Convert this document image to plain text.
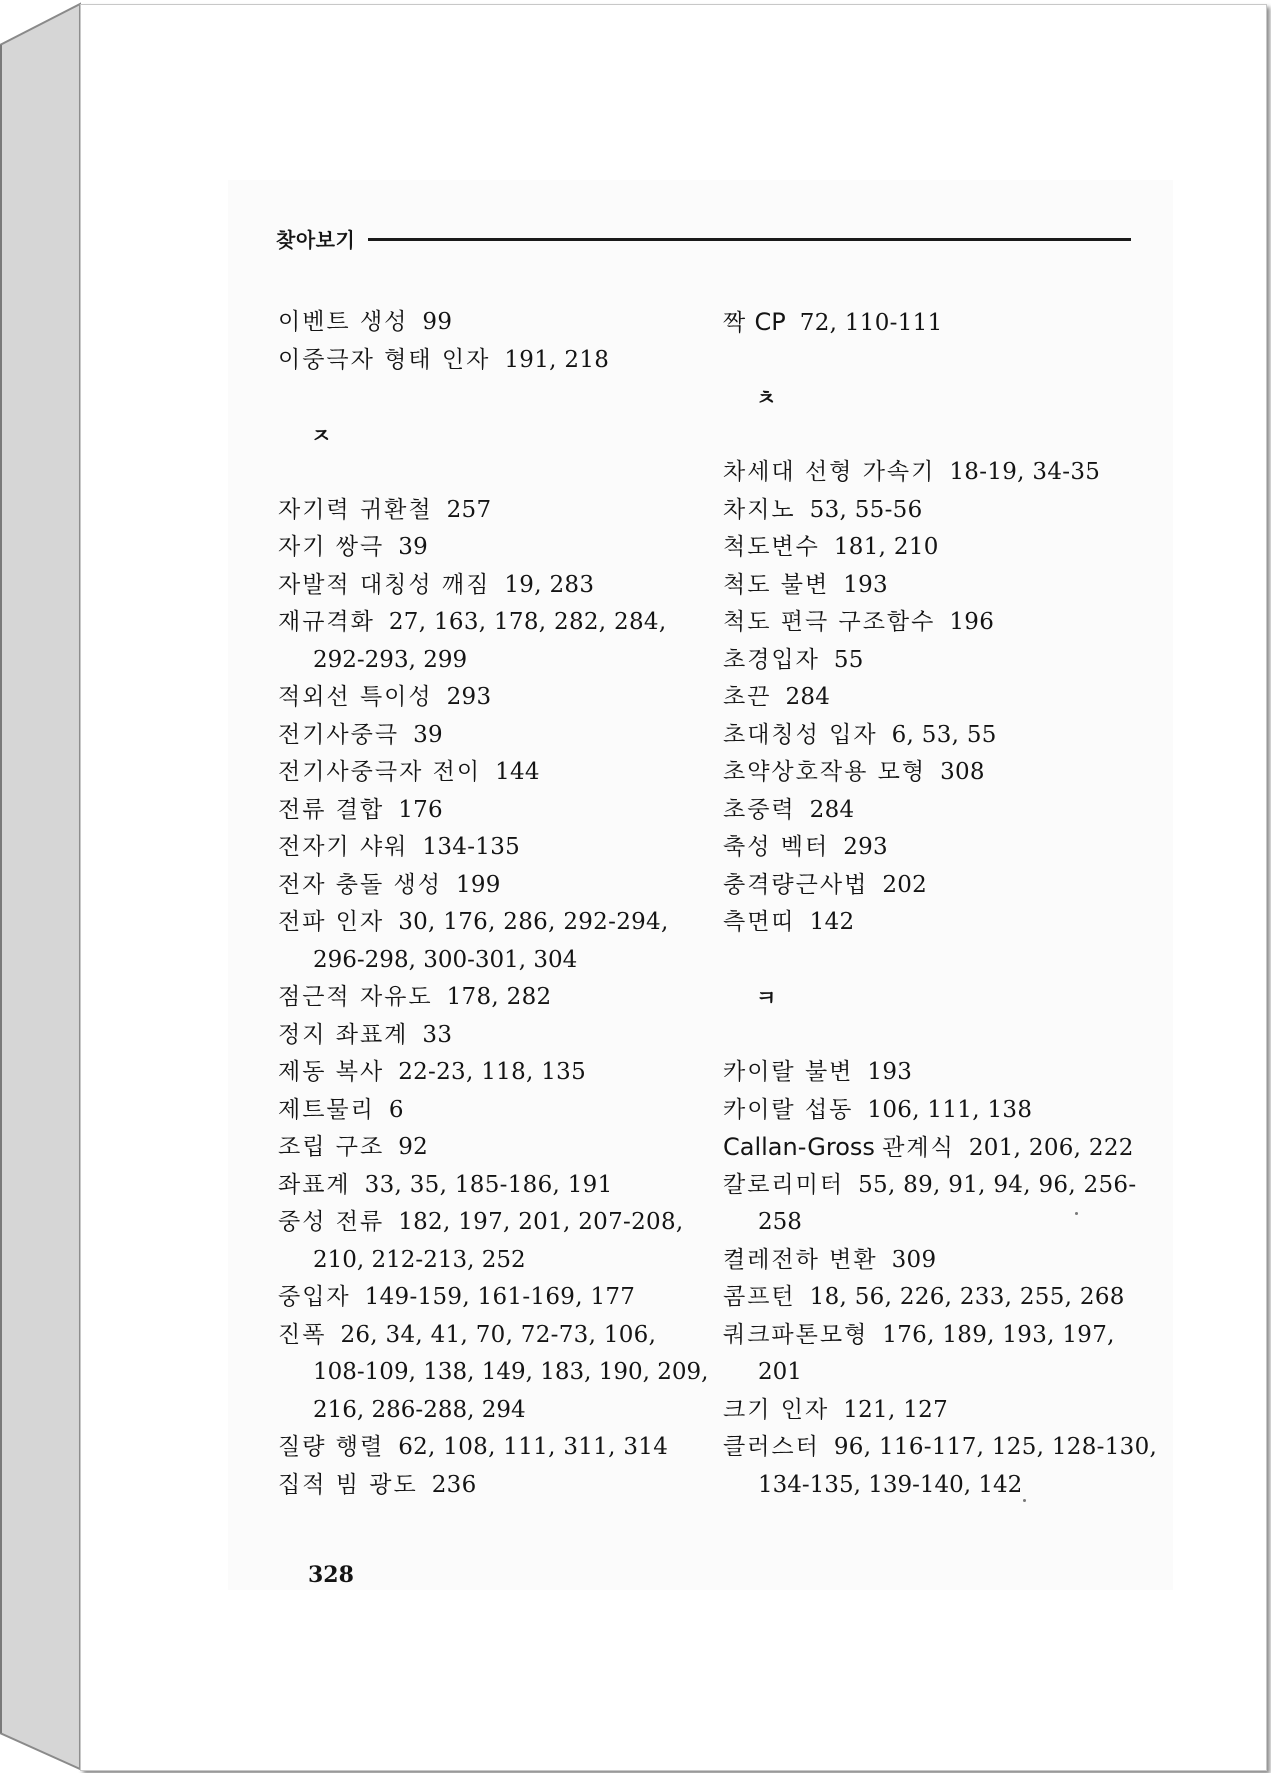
찾아보기
이벤트 생성 99
이중극자 형태 인자 191, 218
ㅈ
자기력 귀환철 257
자기 쌍극 39
자발적 대칭성 깨짐 19, 283
재규격화 27, 163, 178, 282, 284,
292-293, 299
적외선 특이성 293
전기사중극 39
전기사중극자 전이 144
전류 결합 176
전자기 샤워 134-135
전자 충돌 생성 199
전파 인자 30, 176, 286, 292-294,
296-298, 300-301, 304
점근적 자유도 178, 282
정지 좌표계 33
제동 복사 22-23, 118, 135
제트물리 6
조립 구조 92
좌표계 33, 35, 185-186, 191
중성 전류 182, 197, 201, 207-208,
210, 212-213, 252
중입자 149-159, 161-169, 177
진폭 26, 34, 41, 70, 72-73, 106,
108-109, 138, 149, 183, 190, 209,
216, 286-288, 294
질량 행렬 62, 108, 111, 311, 314
집적 빔 광도 236
짝 CP 72, 110-111
ㅊ
차세대 선형 가속기 18-19, 34-35
차지노 53, 55-56
척도변수 181, 210
척도 불변 193
척도 편극 구조함수 196
초경입자 55
초끈 284
초대칭성 입자 6, 53, 55
초약상호작용 모형 308
초중력 284
축성 벡터 293
충격량근사법 202
측면띠 142
ㅋ
카이랄 불변 193
카이랄 섭동 106, 111, 138
Callan-Gross 관계식 201, 206, 222
칼로리미터 55, 89, 91, 94, 96, 256-
258
켤레전하 변환 309
콤프턴 18, 56, 226, 233, 255, 268
쿼크파톤모형 176, 189, 193, 197,
201
크기 인자 121, 127
클러스터 96, 116-117, 125, 128-130,
134-135, 139-140, 142
328
